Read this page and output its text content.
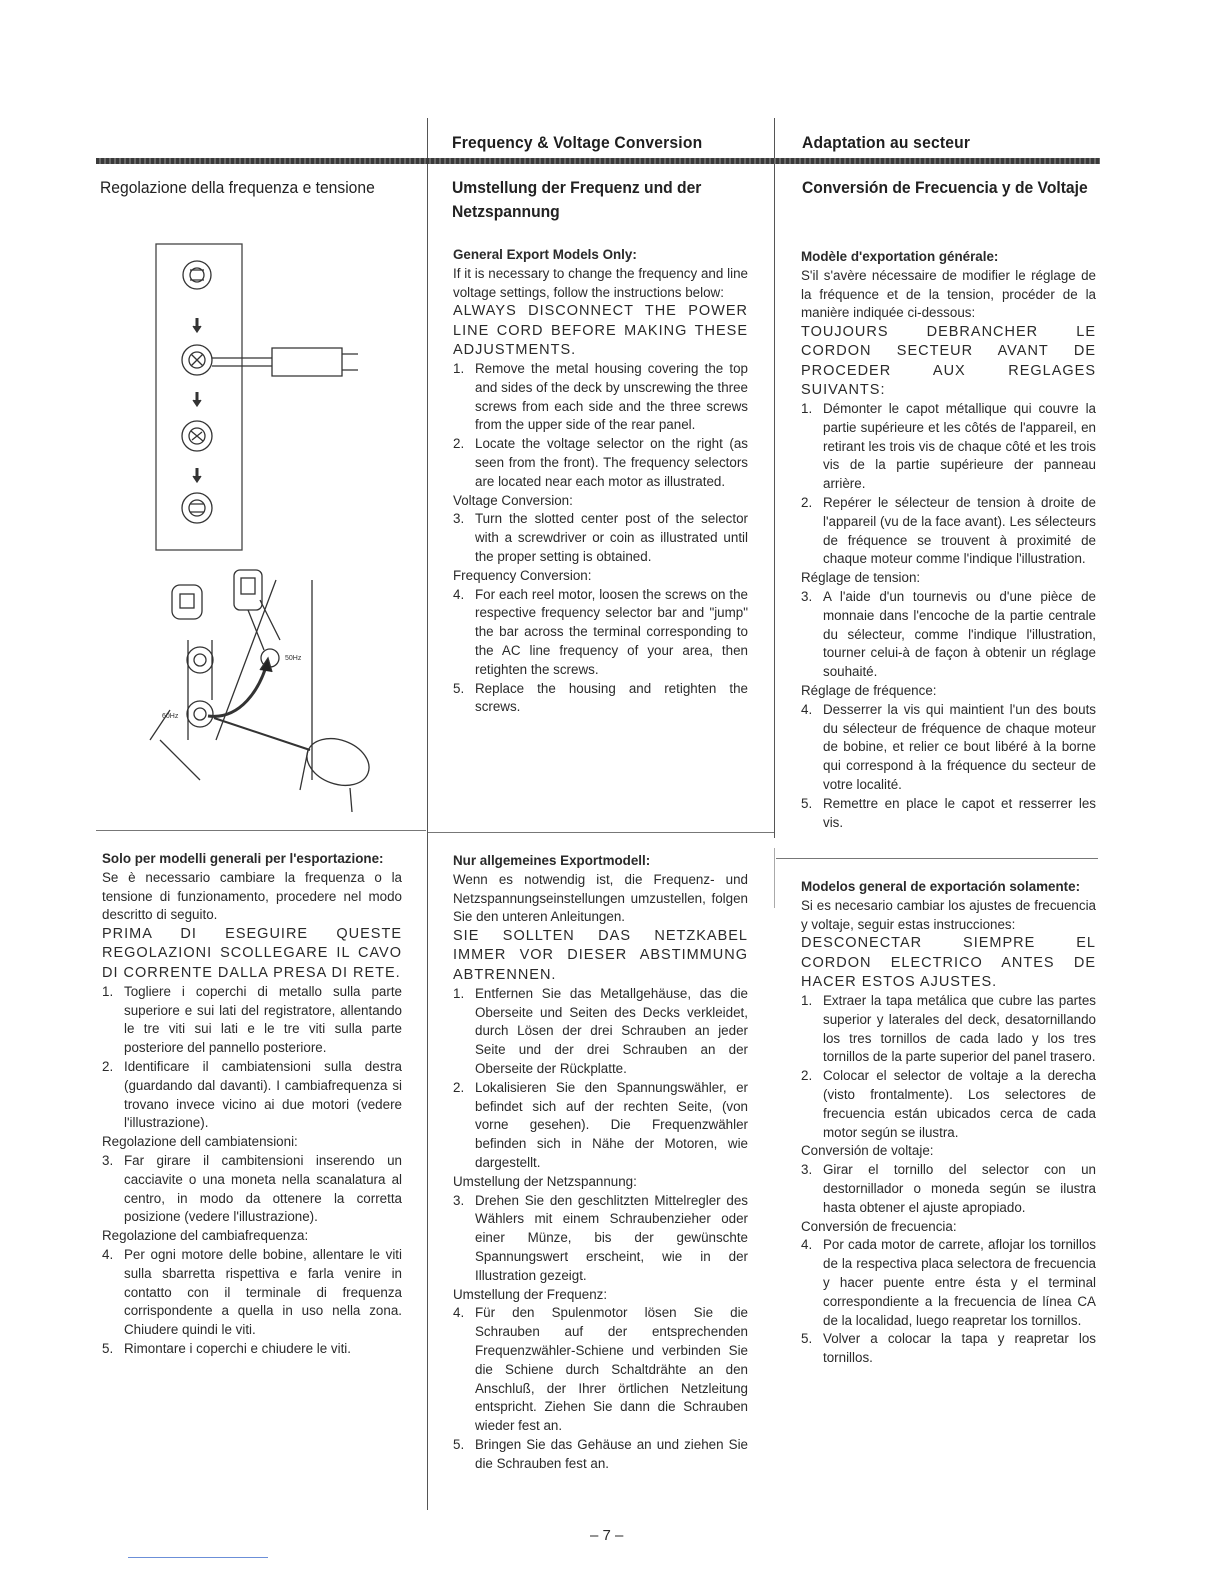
Frequency & Voltage Conversion	Adaptation au secteur
Regolazione della frequenza e tensione	Umstellung der Frequenz und der Netzspannung
Conversión de Frecuencia y de Voltaje
50Hz
60Hz

General Export Models Only:

If it is necessary to change the frequency and line voltage settings, follow the instructions below:

ALWAYS DISCONNECT THE POWER LINE CORD BEFORE MAKING THESE ADJUSTMENTS.

1. Remove the metal housing covering the top and sides of the deck by unscrewing the three screws from each side and the three screws from the upper side of the rear panel.
2. Locate the voltage selector on the right (as seen from the front). The frequency selectors are located near each motor as illustrated.

Voltage Conversion:

3. Turn the slotted center post of the selector with a screwdriver or coin as illustrated until the proper setting is obtained.

Frequency Conversion:

4. For each reel motor, loosen the screws on the respective frequency selector bar and "jump" the bar across the terminal corresponding to the AC line frequency of your area, then retighten the screws.
5. Replace the housing and retighten the screws.

Modèle d'exportation générale:

S'il s'avère nécessaire de modifier le réglage de la fréquence et de la tension, procéder de la manière indiquée ci-dessous:

TOUJOURS DEBRANCHER LE CORDON SECTEUR AVANT DE PROCEDER AUX REGLAGES SUIVANTS:

1. Démonter le capot métallique qui couvre la partie supérieure et les côtés de l'appareil, en retirant les trois vis de chaque côté et les trois vis de la partie supérieure der panneau arrière.
2. Repérer le sélecteur de tension à droite de l'appareil (vu de la face avant). Les sélecteurs de fréquence se trouvent à proximité de chaque moteur comme l'indique l'illustration.

Réglage de tension:

3. A l'aide d'un tournevis ou d'une pièce de monnaie dans l'encoche de la partie centrale du sélecteur, comme l'indique l'illustration, tourner celui-à de façon à obtenir un réglage souhaité.

Réglage de fréquence:

4. Desserrer la vis qui maintient l'un des bouts du sélecteur de fréquence de chaque moteur de bobine, et relier ce bout libéré à la borne qui correspond à la fréquence du secteur de votre localité.
5. Remettre en place le capot et resserrer les vis.

Solo per modelli generali per l'esportazione:

Se è necessario cambiare la frequenza o la tensione di funzionamento, procedere nel modo descritto di seguito.

PRIMA DI ESEGUIRE QUESTE REGOLAZIONI SCOLLEGARE IL CAVO DI CORRENTE DALLA PRESA DI RETE.

1. Togliere i coperchi di metallo sulla parte superiore e sui lati del registratore, allentando le tre viti sui lati e le tre viti sulla parte posteriore del pannello posteriore.
2. Identificare il cambiatensioni sulla destra (guardando dal davanti). I cambiafrequenza si trovano invece vicino ai due motori (vedere l'illustrazione).

Regolazione dell cambiatensioni:

3. Far girare il cambitensioni inserendo un cacciavite o una moneta nella scanalatura al centro, in modo da ottenere la corretta posizione (vedere l'illustrazione).

Regolazione del cambiafrequenza:

4. Per ogni motore delle bobine, allentare le viti sulla sbarretta rispettiva e farla venire in contatto con il terminale di frequenza corrispondente a quella in uso nella zona. Chiudere quindi le viti.
5. Rimontare i coperchi e chiudere le viti.

Nur allgemeines Exportmodell:

Wenn es notwendig ist, die Frequenz- und Netzspannungseinstellungen umzustellen, folgen Sie den unteren Anleitungen.

SIE SOLLTEN DAS NETZKABEL IMMER VOR DIESER ABSTIMMUNG ABTRENNEN.

1. Entfernen Sie das Metallgehäuse, das die Oberseite und Seiten des Decks verkleidet, durch Lösen der drei Schrauben an jeder Seite und der drei Schrauben an der Oberseite der Rückplatte.
2. Lokalisieren Sie den Spannungswähler, er befindet sich auf der rechten Seite, (von vorne gesehen). Die Frequenzwähler befinden sich in Nähe der Motoren, wie dargestellt.

Umstellung der Netzspannung:

3. Drehen Sie den geschlitzten Mittelregler des Wählers mit einem Schraubenzieher oder einer Münze, bis der gewünschte Spannungswert erscheint, wie in der Illustration gezeigt.

Umstellung der Frequenz:

4. Für den Spulenmotor lösen Sie die Schrauben auf der entsprechenden Frequenzwähler-Schiene und verbinden Sie die Schiene durch Schaltdrähte an den Anschluß, der Ihrer örtlichen Netzleitung entspricht. Ziehen Sie dann die Schrauben wieder fest an.
5. Bringen Sie das Gehäuse an und ziehen Sie die Schrauben fest an.

Modelos general de exportación solamente:

Si es necesario cambiar los ajustes de frecuencia y voltaje, seguir estas instrucciones:

DESCONECTAR SIEMPRE EL CORDON ELECTRICO ANTES DE HACER ESTOS AJUSTES.

1. Extraer la tapa metálica que cubre las partes superior y laterales del deck, desatornillando los tres tornillos de cada lado y los tres tornillos de la parte superior del panel trasero.
2. Colocar el selector de voltaje a la derecha (visto frontalmente). Los selectores de frecuencia están ubicados cerca de cada motor según se ilustra.

Conversión de voltaje:

3. Girar el tornillo del selector con un destornillador o moneda según se ilustra hasta obtener el ajuste apropiado.

Conversión de frecuencia:

4. Por cada motor de carrete, aflojar los tornillos de la respectiva placa selectora de frecuencia y hacer puente entre ésta y el terminal correspondiente a la frecuencia de línea CA de la localidad, luego reapretar los tornillos.
5. Volver a colocar la tapa y reapretar los tornillos.
– 7 –
